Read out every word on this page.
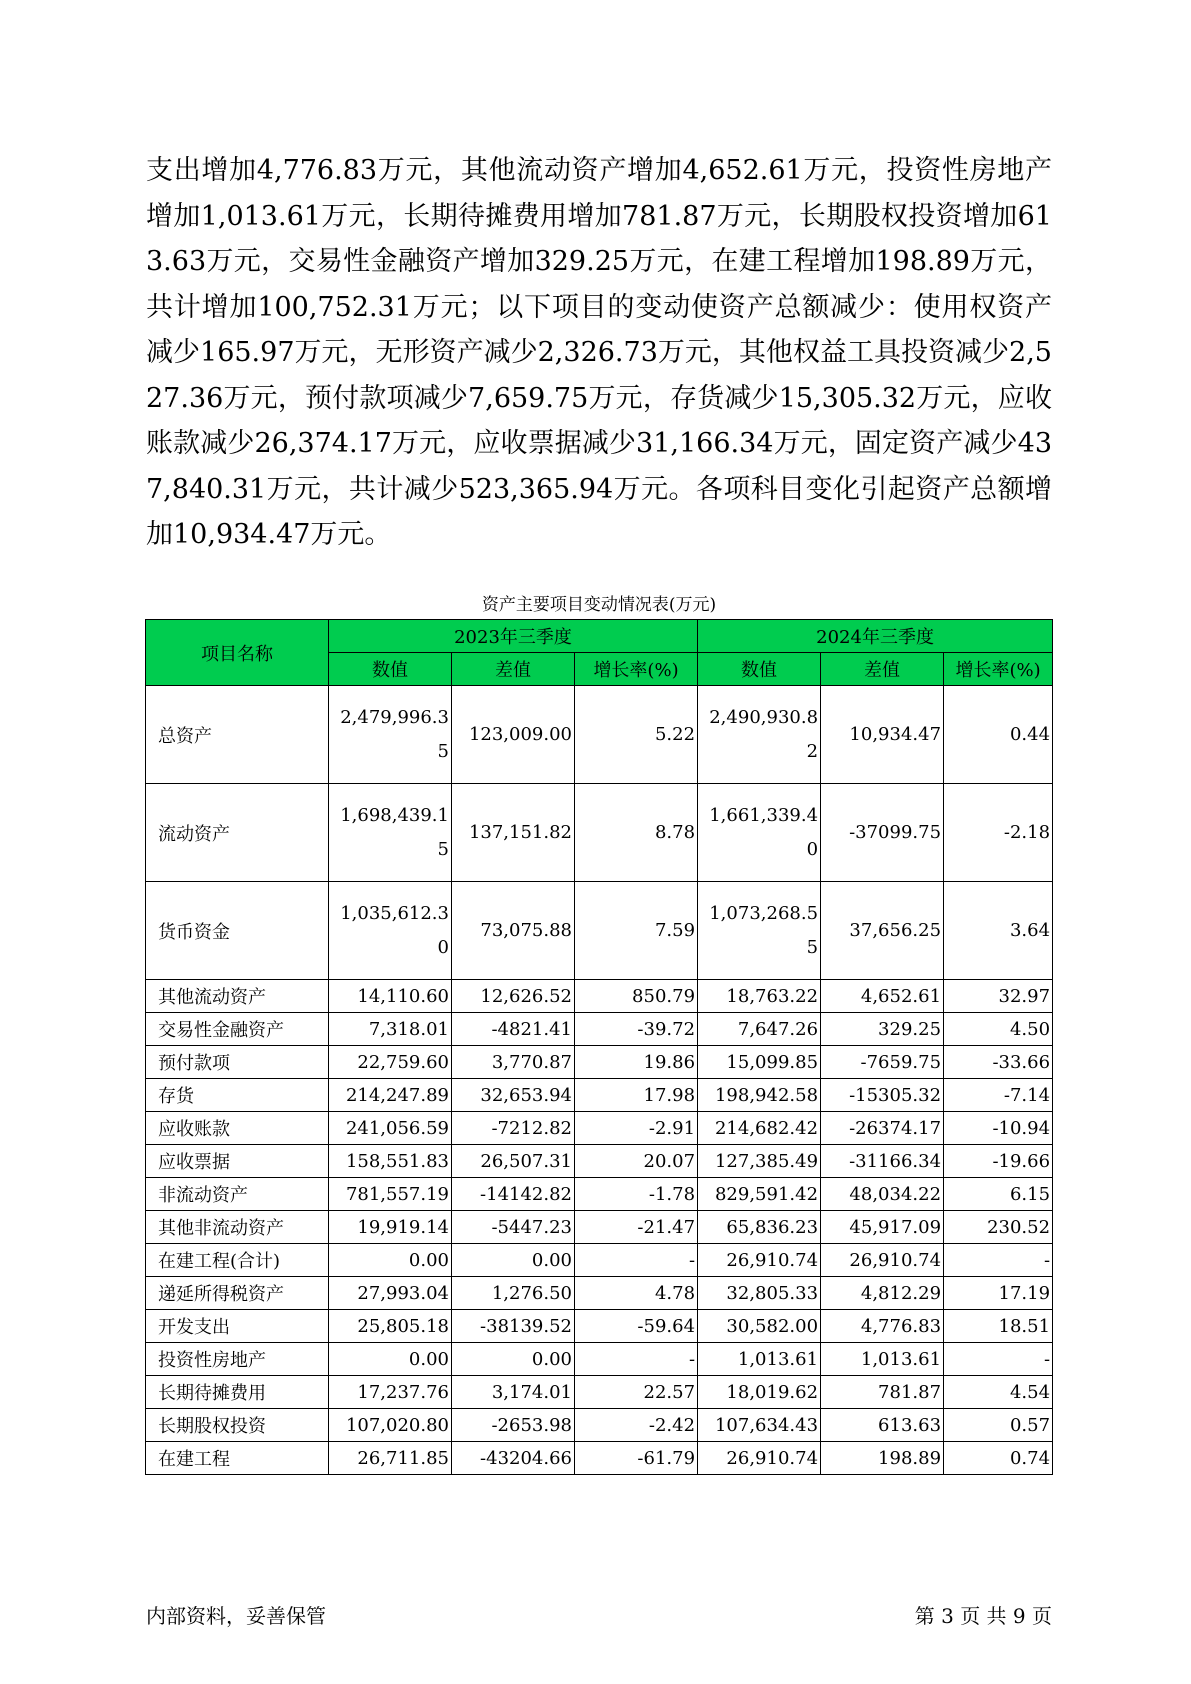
支出增加4,776.83万元，其他流动资产增加4,652.61万元，投资性房地产增加1,013.61万元，长期待摊费用增加781.87万元，长期股权投资增加613.63万元，交易性金融资产增加329.25万元，在建工程增加198.89万元，共计增加100,752.31万元；以下项目的变动使资产总额减少：使用权资产减少165.97万元，无形资产减少2,326.73万元，其他权益工具投资减少2,527.36万元，预付款项减少7,659.75万元，存货减少15,305.32万元，应收账款减少26,374.17万元，应收票据减少31,166.34万元，固定资产减少437,840.31万元，共计减少523,365.94万元。各项科目变化引起资产总额增加10,934.47万元。

资产主要项目变动情况表(万元)
项目名称	2023年三季度			2024年三季度		
	数值	差值	增长率(%)	数值	差值	增长率(%)
总资产	2,479,996.35	123,009.00	5.22	2,490,930.82	10,934.47	0.44
流动资产	1,698,439.15	137,151.82	8.78	1,661,339.40	-37099.75	-2.18
货币资金	1,035,612.30	73,075.88	7.59	1,073,268.55	37,656.25	3.64
其他流动资产	14,110.60	12,626.52	850.79	18,763.22	4,652.61	32.97
交易性金融资产	7,318.01	-4821.41	-39.72	7,647.26	329.25	4.50
预付款项	22,759.60	3,770.87	19.86	15,099.85	-7659.75	-33.66
存货	214,247.89	32,653.94	17.98	198,942.58	-15305.32	-7.14
应收账款	241,056.59	-7212.82	-2.91	214,682.42	-26374.17	-10.94
应收票据	158,551.83	26,507.31	20.07	127,385.49	-31166.34	-19.66
非流动资产	781,557.19	-14142.82	-1.78	829,591.42	48,034.22	6.15
其他非流动资产	19,919.14	-5447.23	-21.47	65,836.23	45,917.09	230.52
在建工程(合计)	0.00	0.00	-	26,910.74	26,910.74	-
递延所得税资产	27,993.04	1,276.50	4.78	32,805.33	4,812.29	17.19
开发支出	25,805.18	-38139.52	-59.64	30,582.00	4,776.83	18.51
投资性房地产	0.00	0.00	-	1,013.61	1,013.61	-
长期待摊费用	17,237.76	3,174.01	22.57	18,019.62	781.87	4.54
长期股权投资	107,020.80	-2653.98	-2.42	107,634.43	613.63	0.57
在建工程	26,711.85	-43204.66	-61.79	26,910.74	198.89	0.74
内部资料，妥善保管	第 3 页 共 9 页
